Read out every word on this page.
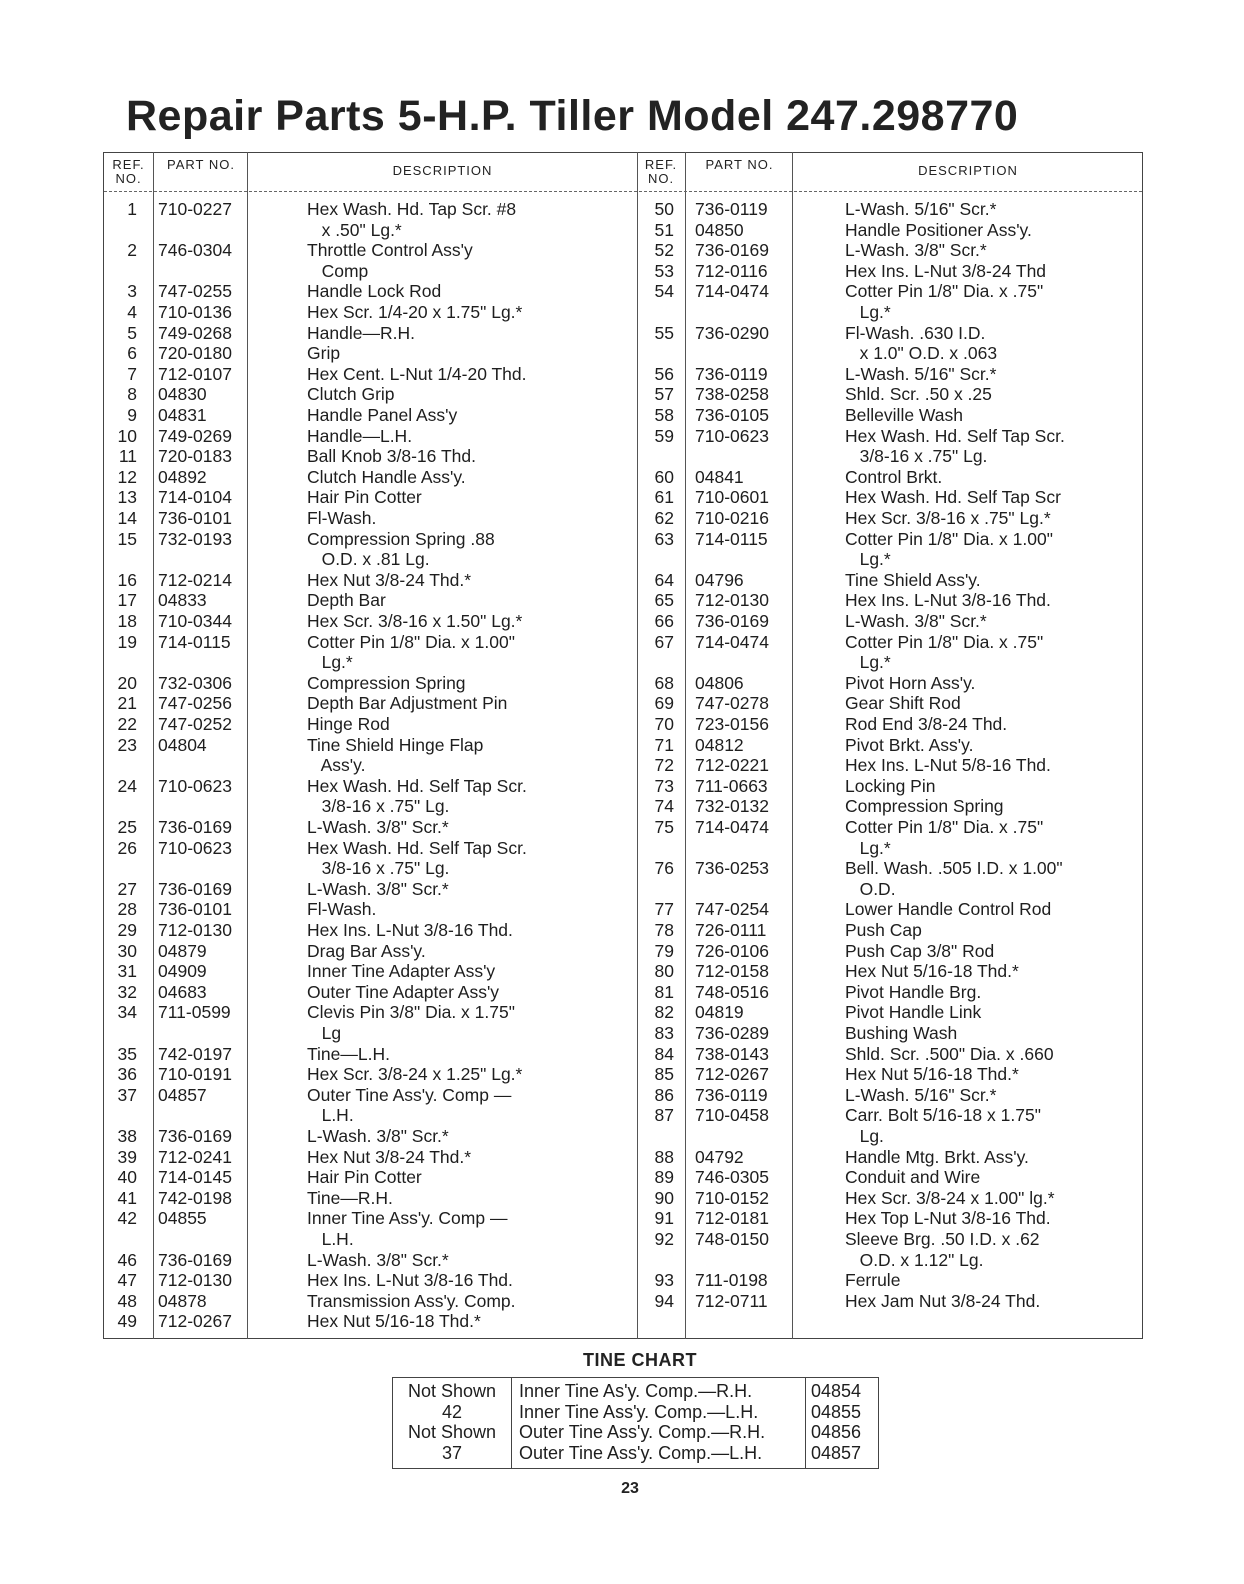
Repair Parts 5-H.P. Tiller Model 247.298770
REF. NO.
PART NO.	DESCRIPTION	REF. NO.
PART NO.	DESCRIPTION
1 710-0227	Hex Wash. Hd. Tap Scr. #8
x .50" Lg.*
2 746-0304	Throttle Control Ass'y
Comp
3 747-0255	Handle Lock Rod
4 710-0136	Hex Scr. 1/4-20 x 1.75" Lg.*
5 749-0268	Handle—R.H.
6 720-0180	Grip
7 712-0107	Hex Cent. L-Nut 1/4-20 Thd.
8 04830	Clutch Grip
9 04831	Handle Panel Ass'y
10 749-0269	Handle—L.H.
11 720-0183	Ball Knob 3/8-16 Thd.
12 04892	Clutch Handle Ass'y.
13 714-0104	Hair Pin Cotter
14 736-0101	Fl-Wash.
15 732-0193	Compression Spring .88
O.D. x .81 Lg.
16 712-0214	Hex Nut 3/8-24 Thd.*
17 04833	Depth Bar
18 710-0344	Hex Scr. 3/8-16 x 1.50" Lg.*
19 714-0115	Cotter Pin 1/8" Dia. x 1.00"
Lg.*
20 732-0306	Compression Spring
21 747-0256	Depth Bar Adjustment Pin
22 747-0252	Hinge Rod
23 04804	Tine Shield Hinge Flap
Ass'y.
24 710-0623	Hex Wash. Hd. Self Tap Scr.
3/8-16 x .75" Lg.
25 736-0169	L-Wash. 3/8" Scr.*
26 710-0623	Hex Wash. Hd. Self Tap Scr.
3/8-16 x .75" Lg.
27 736-0169	L-Wash. 3/8" Scr.*
28 736-0101	Fl-Wash.
29 712-0130	Hex Ins. L-Nut 3/8-16 Thd.
30 04879	Drag Bar Ass'y.
31 04909	Inner Tine Adapter Ass'y
32 04683	Outer Tine Adapter Ass'y
34 711-0599	Clevis Pin 3/8" Dia. x 1.75"
Lg
35 742-0197	Tine—L.H.
36 710-0191	Hex Scr. 3/8-24 x 1.25" Lg.*
37 04857	Outer Tine Ass'y. Comp —
L.H.
38 736-0169	L-Wash. 3/8" Scr.*
39 712-0241	Hex Nut 3/8-24 Thd.*
40 714-0145	Hair Pin Cotter
41 742-0198	Tine—R.H.
42 04855	Inner Tine Ass'y. Comp —
L.H.
46 736-0169	L-Wash. 3/8" Scr.*
47 712-0130	Hex Ins. L-Nut 3/8-16 Thd.
48 04878	Transmission Ass'y. Comp.
49 712-0267	Hex Nut 5/16-18 Thd.*
50 736-0119	L-Wash. 5/16" Scr.*
51 04850	Handle Positioner Ass'y.
52 736-0169	L-Wash. 3/8" Scr.*
53 712-0116	Hex Ins. L-Nut 3/8-24 Thd
54 714-0474	Cotter Pin 1/8" Dia. x .75"
Lg.*
55 736-0290	Fl-Wash. .630 I.D.
x 1.0" O.D. x .063
56 736-0119	L-Wash. 5/16" Scr.*
57 738-0258	Shld. Scr. .50 x .25
58 736-0105	Belleville Wash
59 710-0623	Hex Wash. Hd. Self Tap Scr.
3/8-16 x .75" Lg.
60 04841	Control Brkt.
61 710-0601	Hex Wash. Hd. Self Tap Scr
62 710-0216	Hex Scr. 3/8-16 x .75" Lg.*
63 714-0115	Cotter Pin 1/8" Dia. x 1.00"
Lg.*
64 04796	Tine Shield Ass'y.
65 712-0130	Hex Ins. L-Nut 3/8-16 Thd.
66 736-0169	L-Wash. 3/8" Scr.*
67 714-0474	Cotter Pin 1/8" Dia. x .75"
Lg.*
68 04806	Pivot Horn Ass'y.
69 747-0278	Gear Shift Rod
70 723-0156	Rod End 3/8-24 Thd.
71 04812	Pivot Brkt. Ass'y.
72 712-0221	Hex Ins. L-Nut 5/8-16 Thd.
73 711-0663	Locking Pin
74 732-0132	Compression Spring
75 714-0474	Cotter Pin 1/8" Dia. x .75"
Lg.*
76 736-0253	Bell. Wash. .505 I.D. x 1.00"
O.D.
77 747-0254	Lower Handle Control Rod
78 726-0111	Push Cap
79 726-0106	Push Cap 3/8" Rod
80 712-0158	Hex Nut 5/16-18 Thd.*
81 748-0516	Pivot Handle Brg.
82 04819	Pivot Handle Link
83 736-0289	Bushing Wash
84 738-0143	Shld. Scr. .500" Dia. x .660
85 712-0267	Hex Nut 5/16-18 Thd.*
86 736-0119	L-Wash. 5/16" Scr.*
87 710-0458	Carr. Bolt 5/16-18 x 1.75"
Lg.
88 04792	Handle Mtg. Brkt. Ass'y.
89 746-0305	Conduit and Wire
90 710-0152	Hex Scr. 3/8-24 x 1.00" lg.*
91 712-0181	Hex Top L-Nut 3/8-16 Thd.
92 748-0150	Sleeve Brg. .50 I.D. x .62
O.D. x 1.12" Lg.
93 711-0198	Ferrule
94 712-0711	Hex Jam Nut 3/8-24 Thd.
TINE CHART
Not Shown	Inner Tine As'y. Comp.—R.H.	04854
42	Inner Tine Ass'y. Comp.—L.H.	04855
Not Shown	Outer Tine Ass'y. Comp.—R.H.	04856
37	Outer Tine Ass'y. Comp.—L.H.	04857
23
